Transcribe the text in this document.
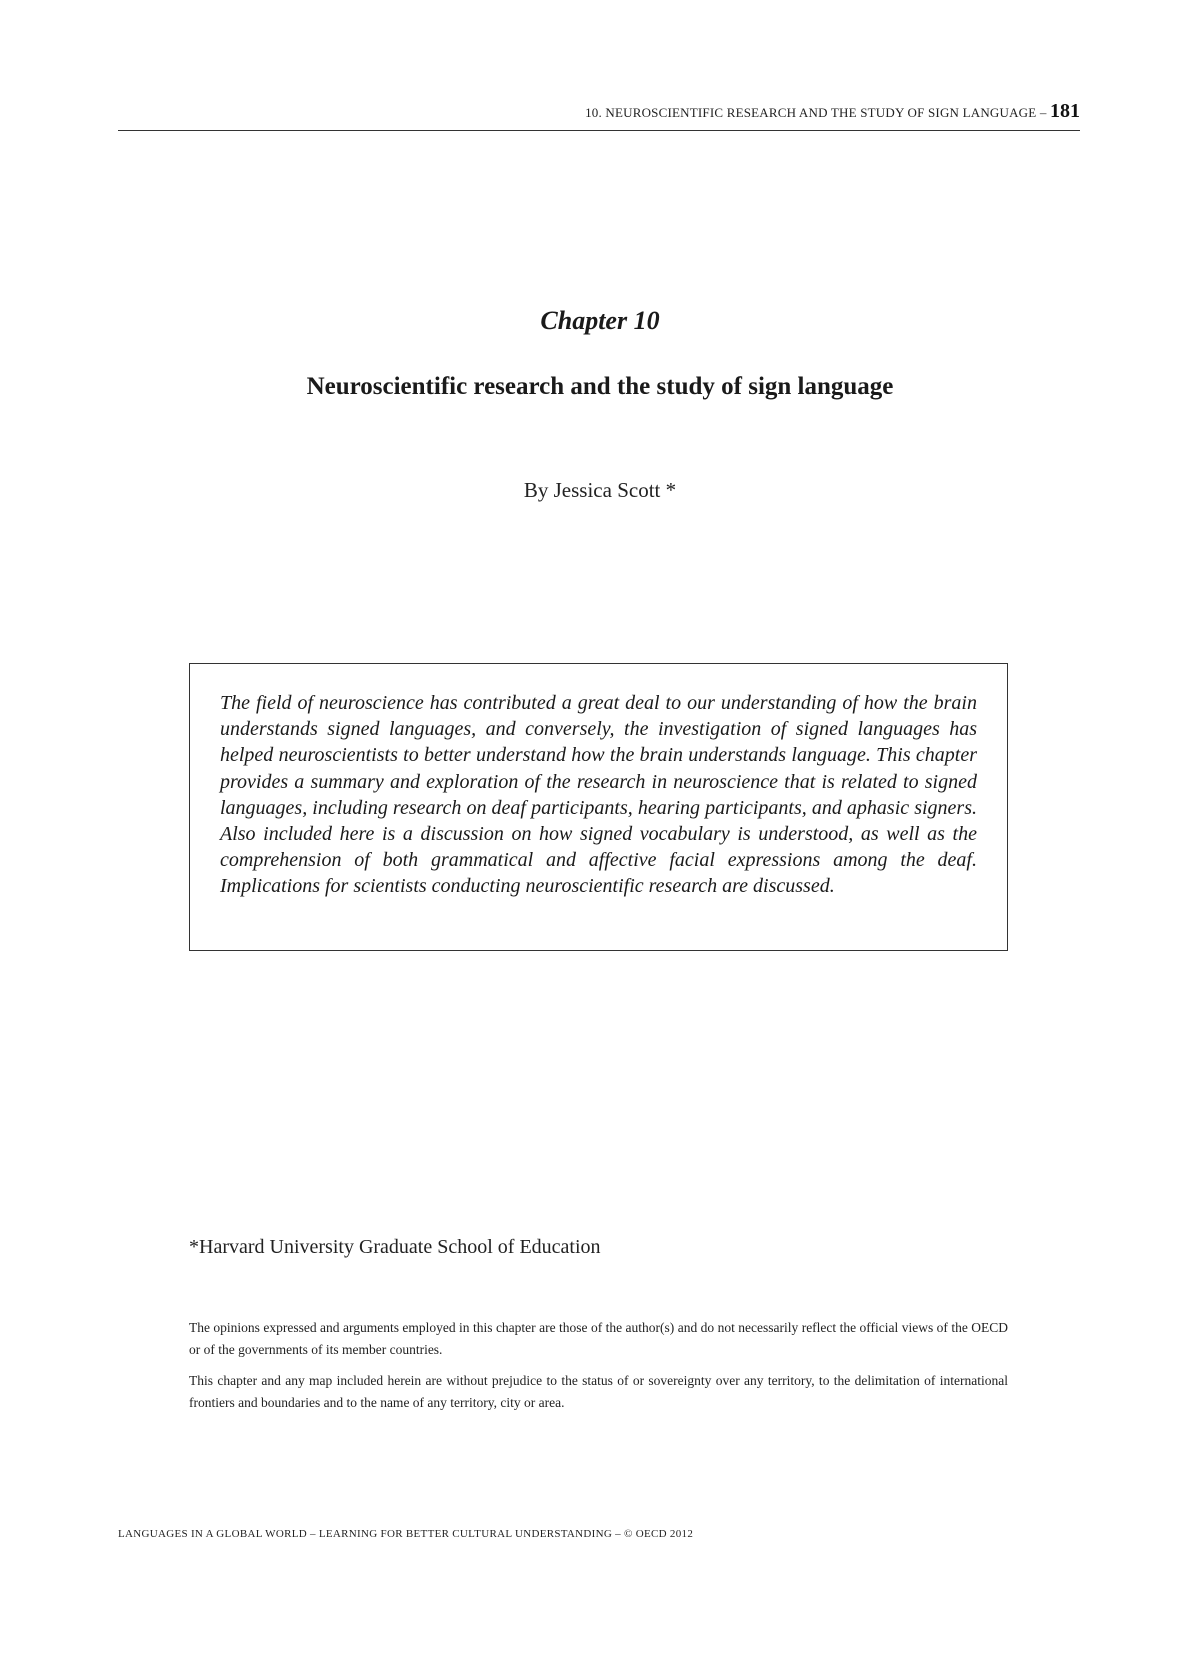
10. NEUROSCIENTIFIC RESEARCH AND THE STUDY OF SIGN LANGUAGE – 181
Chapter 10
Neuroscientific research and the study of sign language
By Jessica Scott *

The field of neuroscience has contributed a great deal to our understanding of how the brain understands signed languages, and conversely, the investigation of signed languages has helped neuroscientists to better understand how the brain understands language. This chapter provides a summary and exploration of the research in neuroscience that is related to signed languages, including research on deaf participants, hearing participants, and aphasic signers. Also included here is a discussion on how signed vocabulary is understood, as well as the comprehension of both grammatical and affective facial expressions among the deaf. Implications for scientists conducting neuroscientific research are discussed.

*Harvard University Graduate School of Education

The opinions expressed and arguments employed in this chapter are those of the author(s) and do not necessarily reflect the official views of the OECD or of the governments of its member countries.

This chapter and any map included herein are without prejudice to the status of or sovereignty over any territory, to the delimitation of international frontiers and boundaries and to the name of any territory, city or area.

LANGUAGES IN A GLOBAL WORLD – LEARNING FOR BETTER CULTURAL UNDERSTANDING – © OECD 2012
